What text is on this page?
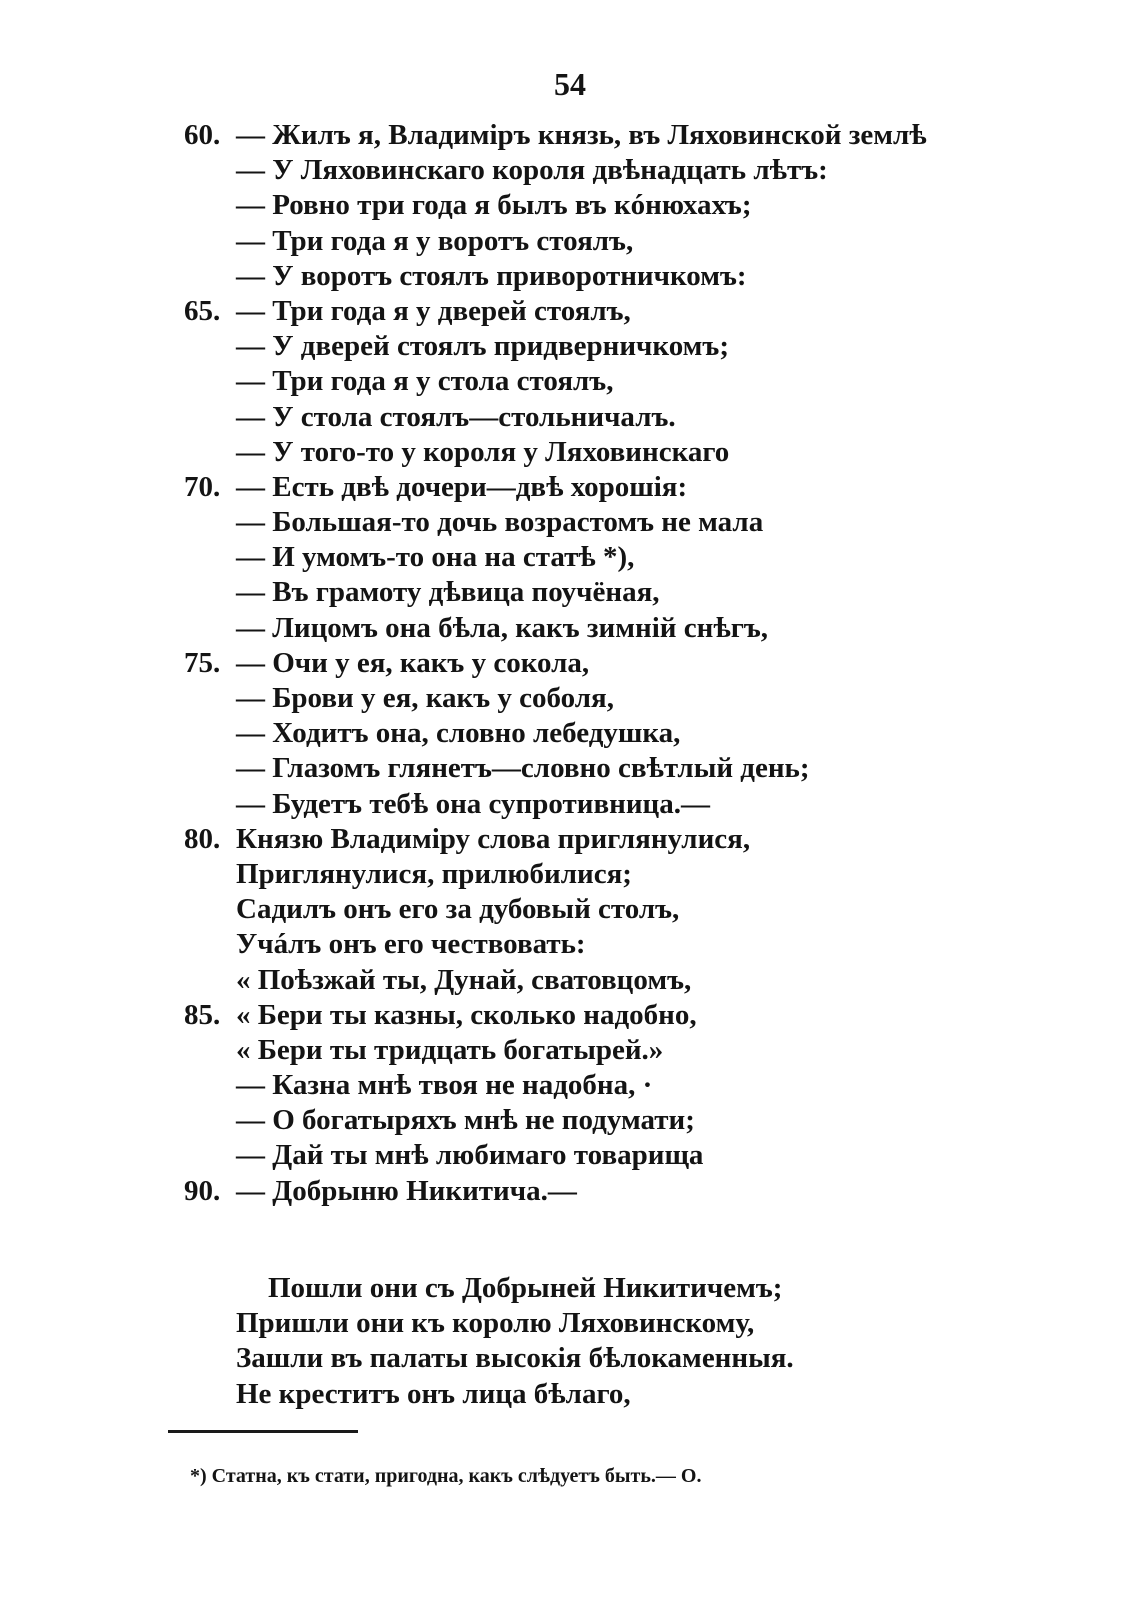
54
60. — Жилъ я, Владимiръ князь, въ Ляховинской землѣ
— У Ляховинскаго короля двѣнадцать лѣтъ:
— Ровно три года я былъ въ кóнюхахъ;
— Три года я у воротъ стоялъ,
— У воротъ стоялъ приворотничкомъ:
65. — Три года я у дверей стоялъ,
— У дверей стоялъ придверничкомъ;
— Три года я у стола стоялъ,
— У стола стоялъ—стольничалъ.
— У того-то у короля у Ляховинскаго
70. — Есть двѣ дочери—двѣ хорошiя:
— Большая-то дочь возрастомъ не мала
— И умомъ-то она на статѣ *),
— Въ грамоту дѣвица поучёная,
— Лицомъ она бѣла, какъ зимнiй снѣгъ,
75. — Очи у ея, какъ у сокола,
— Брови у ея, какъ у соболя,
— Ходитъ она, словно лебедушка,
— Глазомъ глянетъ—словно свѣтлый день;
— Будетъ тебѣ она супротивница.—
80. Князю Владимiру слова приглянулися,
Приглянулися, прилюбилися;
Садилъ онъ его за дубовый столъ,
Учáлъ онъ его чествовать:
« Поѣзжай ты, Дунай, сватовцомъ,
85. « Бери ты казны, сколько надобно,
« Бери ты тридцать богатырей.»
— Казна мнѣ твоя не надобна, ·
— О богатыряхъ мнѣ не подумати;
— Дай ты мнѣ любимаго товарища
90. — Добрыню Никитича.—
Пошли они съ Добрыней Никитичемъ;
Пришли они къ королю Ляховинскому,
Зашли въ палаты высокiя бѣлокаменныя.
Не креститъ онъ лица бѣлаго,
*) Статна, къ стати, пригодна, какъ слѣдуетъ быть.— О.
